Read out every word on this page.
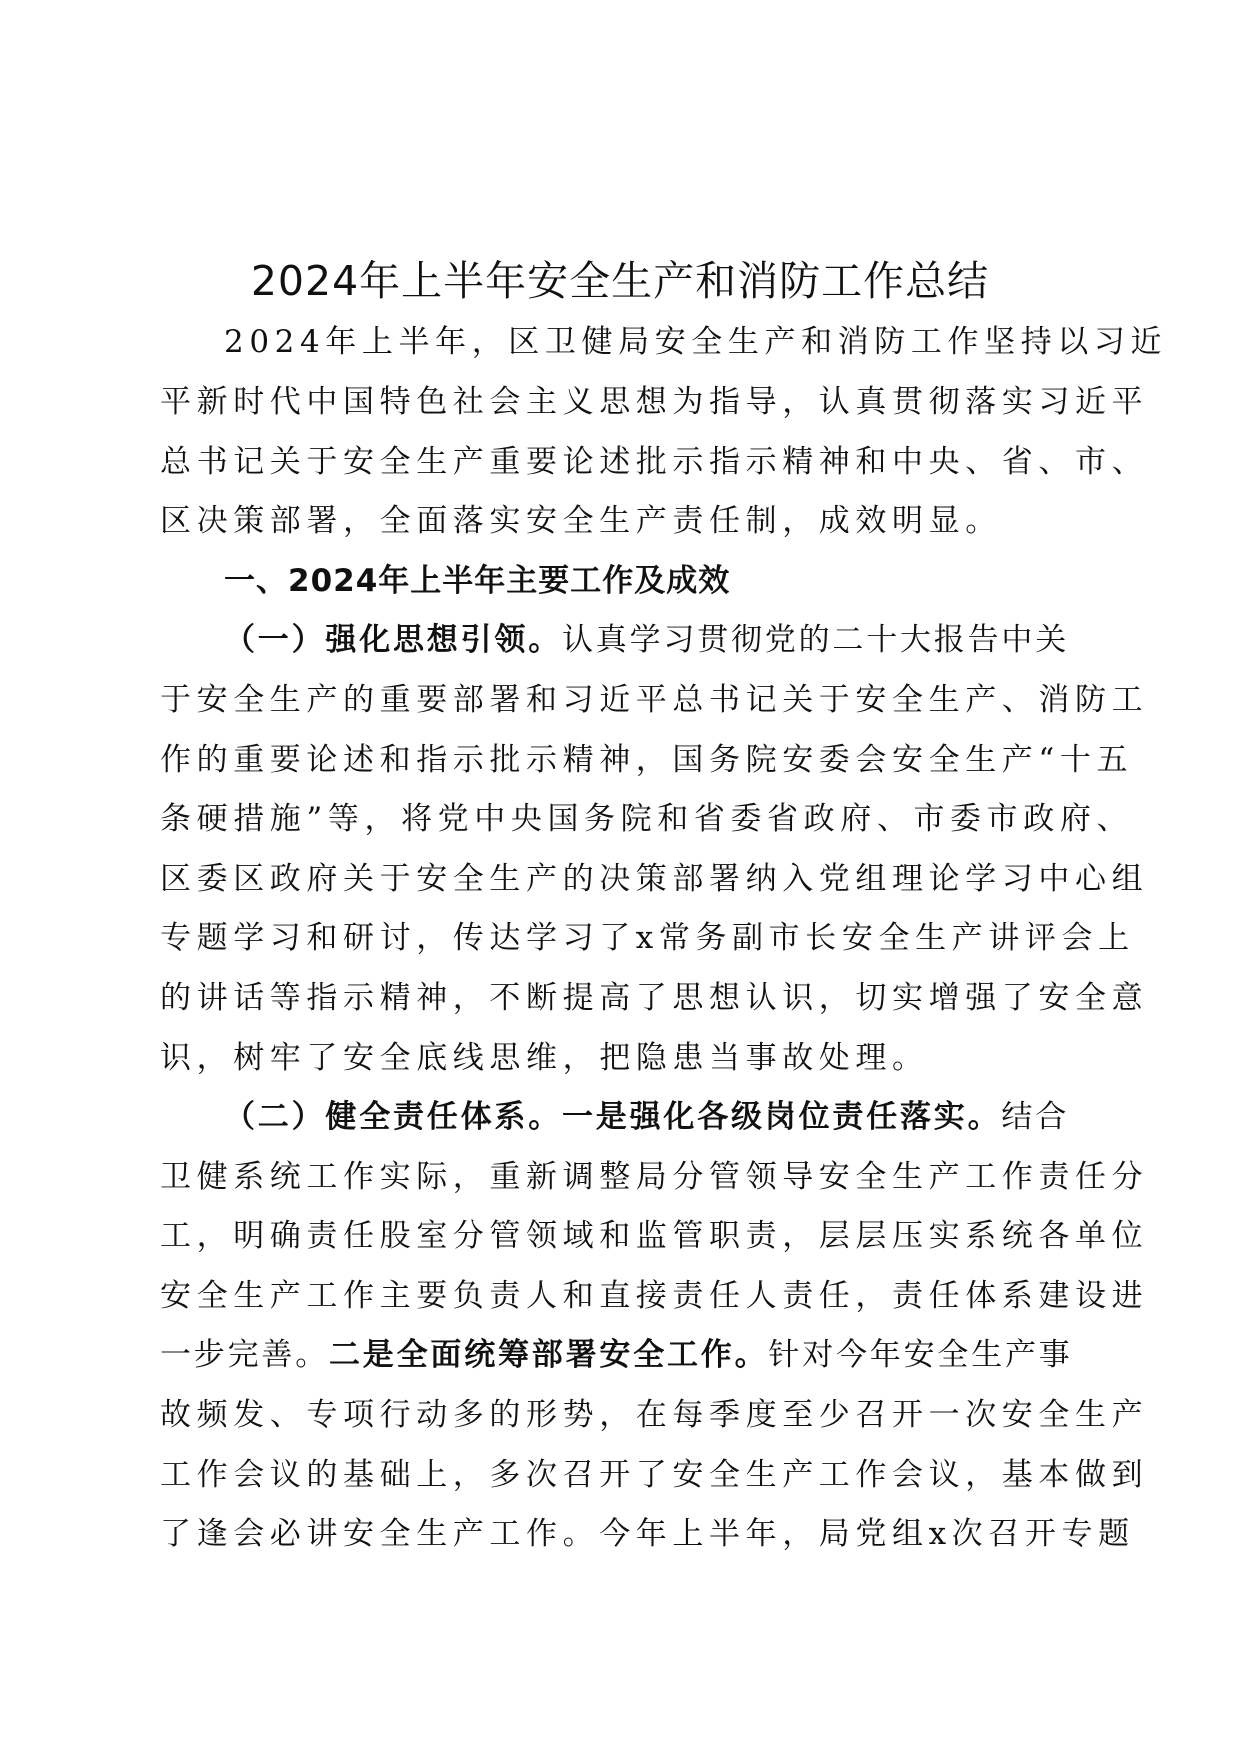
2024年上半年安全生产和消防工作总结
2024年上半年，区卫健局安全生产和消防工作坚持以习近
平新时代中国特色社会主义思想为指导，认真贯彻落实习近平
总书记关于安全生产重要论述批示指示精神和中央、省、市、
区决策部署，全面落实安全生产责任制，成效明显。
一、2024年上半年主要工作及成效
（一）强化思想引领。认真学习贯彻党的二十大报告中关
于安全生产的重要部署和习近平总书记关于安全生产、消防工
作的重要论述和指示批示精神，国务院安委会安全生产“十五
条硬措施”等，将党中央国务院和省委省政府、市委市政府、
区委区政府关于安全生产的决策部署纳入党组理论学习中心组
专题学习和研讨，传达学习了x常务副市长安全生产讲评会上
的讲话等指示精神，不断提高了思想认识，切实增强了安全意
识，树牢了安全底线思维，把隐患当事故处理。
（二）健全责任体系。一是强化各级岗位责任落实。结合
卫健系统工作实际，重新调整局分管领导安全生产工作责任分
工，明确责任股室分管领域和监管职责，层层压实系统各单位
安全生产工作主要负责人和直接责任人责任，责任体系建设进
一步完善。二是全面统筹部署安全工作。针对今年安全生产事
故频发、专项行动多的形势，在每季度至少召开一次安全生产
工作会议的基础上，多次召开了安全生产工作会议，基本做到
了逢会必讲安全生产工作。今年上半年，局党组x次召开专题
